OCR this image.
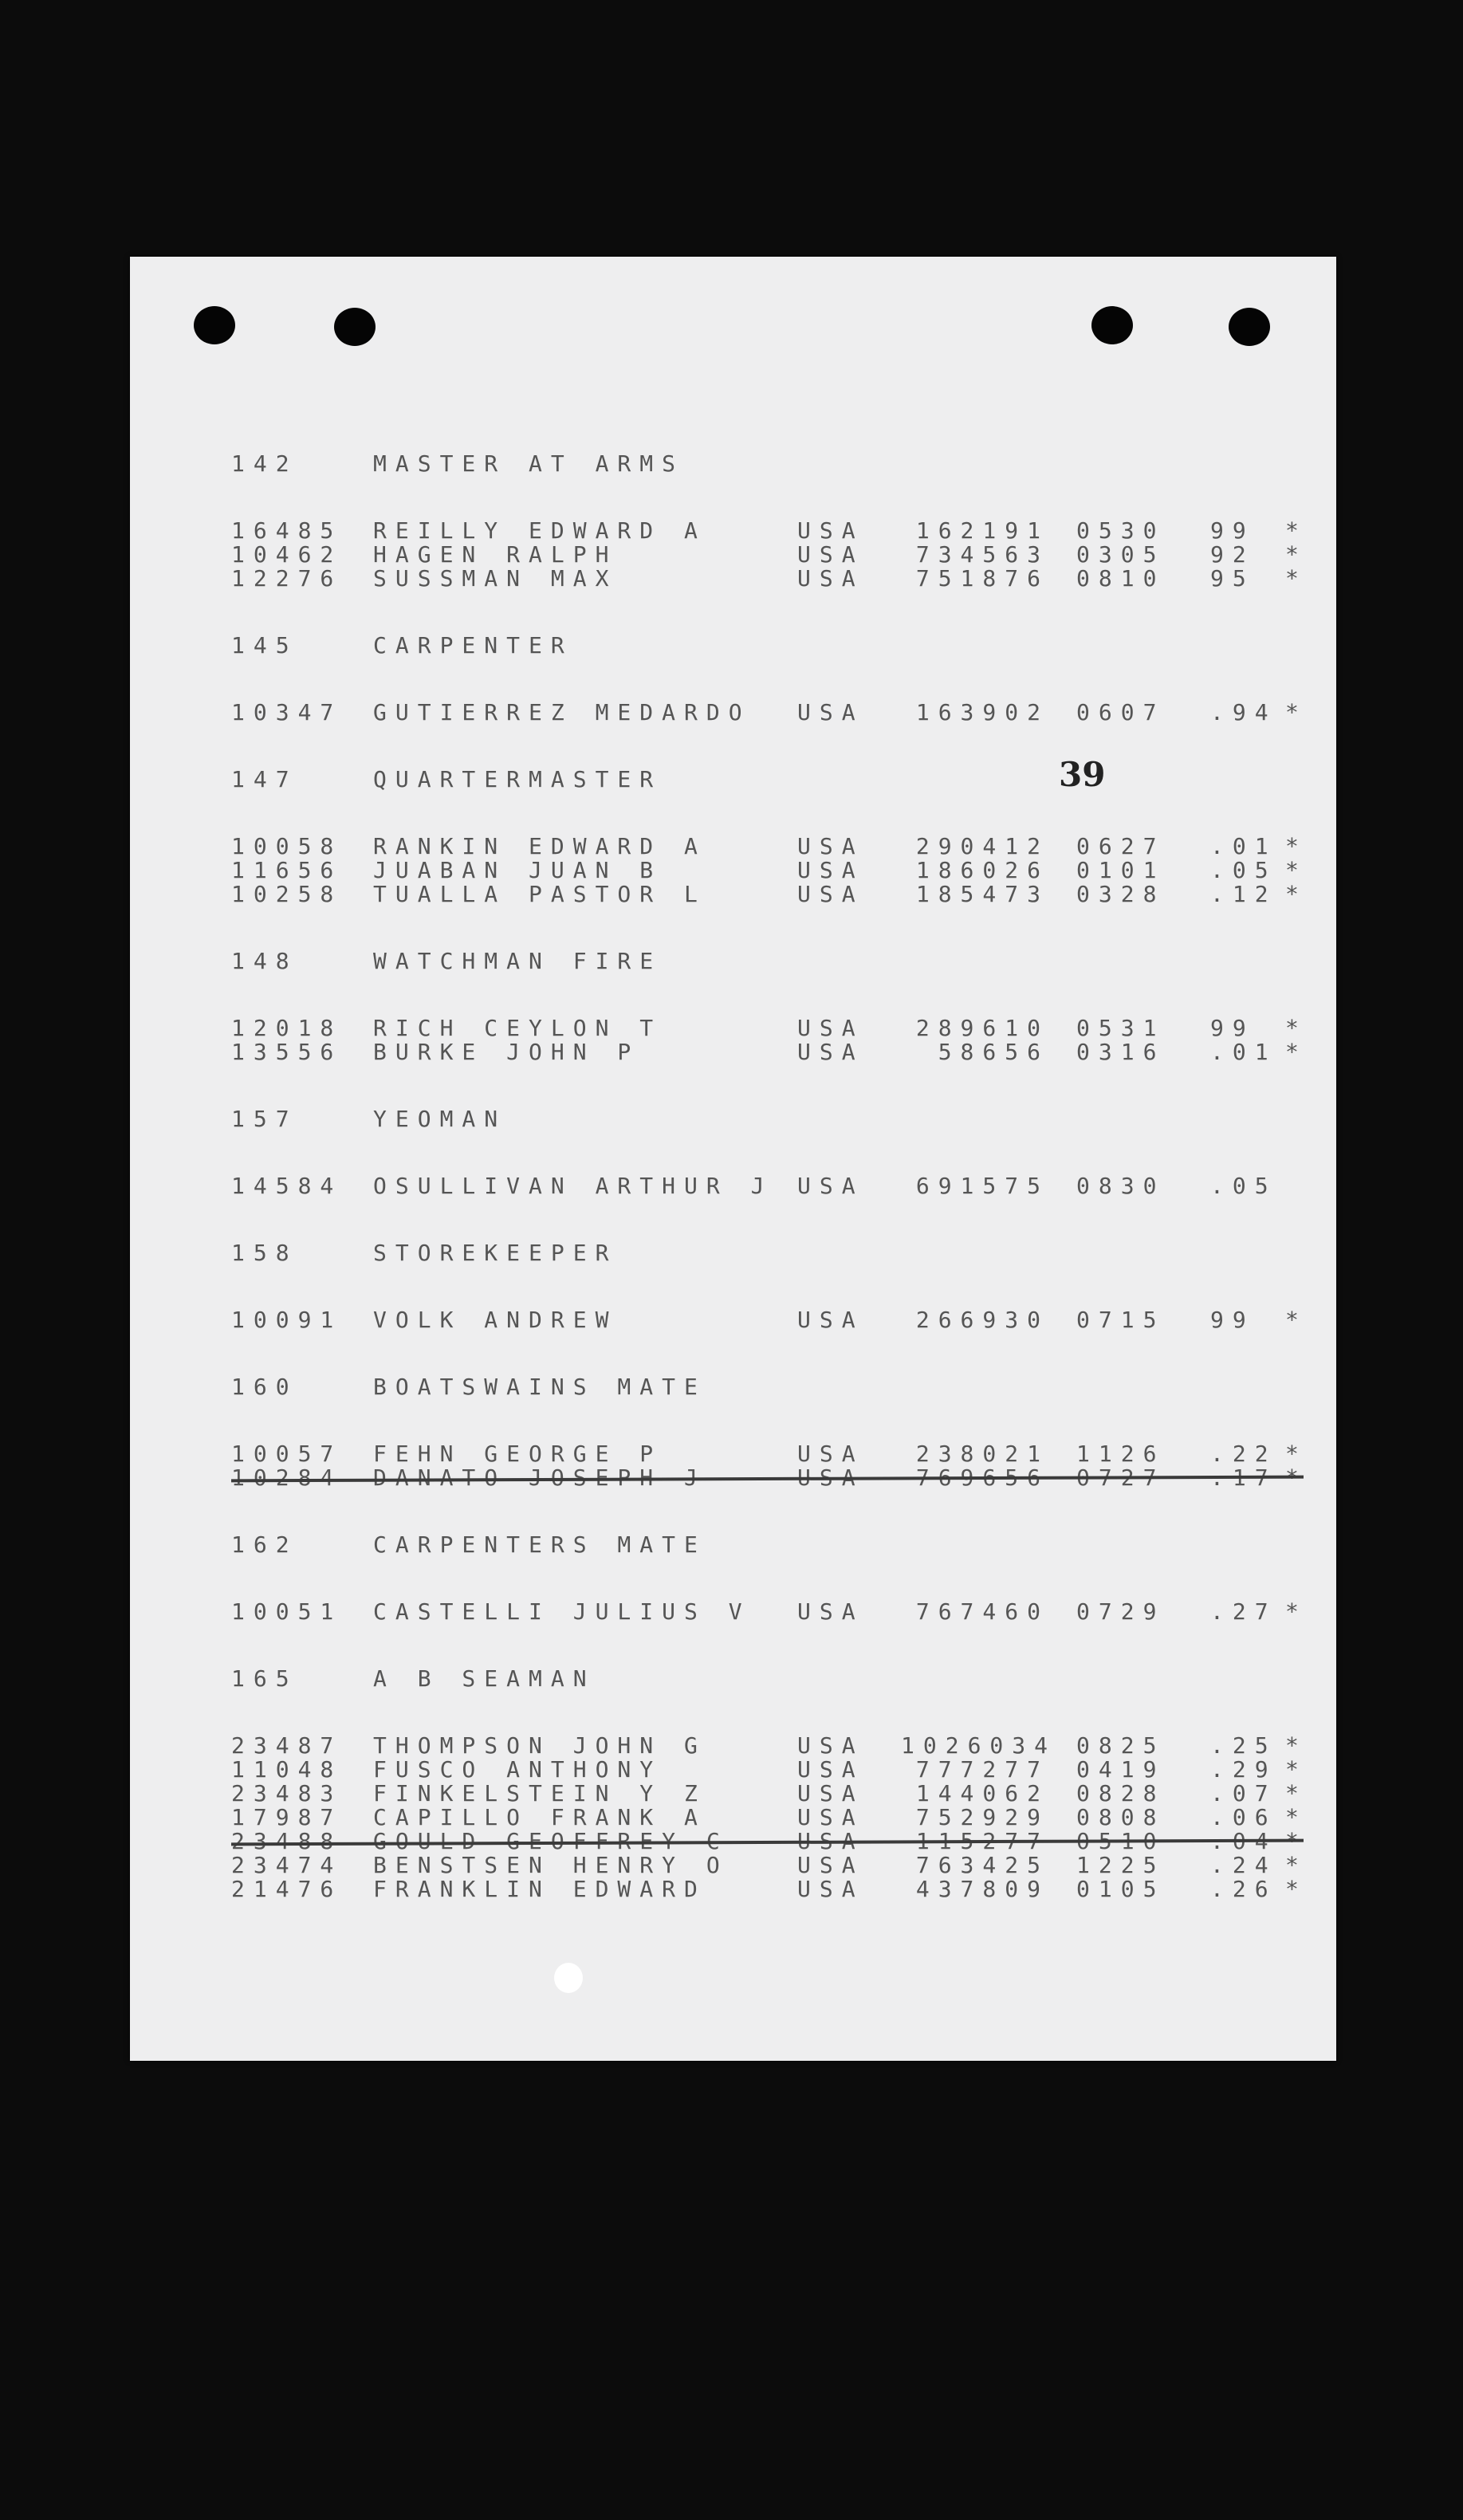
39
142	MASTER AT ARMS
16485 REILLY EDWARD A	USA	162191 0530 99 *
10462 HAGEN RALPH	USA	734563 0305 92 *
12276 SUSSMAN MAX	USA	751876 0810 95 *
145	CARPENTER
10347 GUTIERREZ MEDARDO USA	163902 0607 .94 *
147	QUARTERMASTER
10058 RANKIN EDWARD A	USA	290412 0627 .01 *
11656 JUABAN JUAN B	USA	186026 0101 .05 *
10258 TUALLA PASTOR L	USA	185473 0328 .12 *
148	WATCHMAN FIRE
12018 RICH CEYLON T	USA	289610 0531 99 *
13556 BURKE JOHN P	USA	58656 0316 .01 *
157	YEOMAN
14584 OSULLIVAN ARTHUR J USA	691575 0830 .05
158	STOREKEEPER
10091 VOLK ANDREW	USA	266930 0715 99 *
160	BOATSWAINS MATE
10057 FEHN GEORGE P	USA	238021 1126 .22 *
10284 DANATO JOSEPH J	USA	769656 0727 .17 *
162	CARPENTERS MATE
10051 CASTELLI JULIUS V USA	767460 0729 .27 *
165	A B SEAMAN
23487 THOMPSON JOHN G	USA 1026034 0825 .25 *
11048 FUSCO ANTHONY	USA	777277 0419 .29 *
23483 FINKELSTEIN Y Z	USA	144062 0828 .07 *
17987 CAPILLO FRANK A	USA	752929 0808 .06 *
23488 GOULD GEOFFREY C	USA	115277 0510 .04 *
23474 BENSTSEN HENRY O	USA	763425 1225 .24 *
21476 FRANKLIN EDWARD	USA	437809 0105 .26 *
